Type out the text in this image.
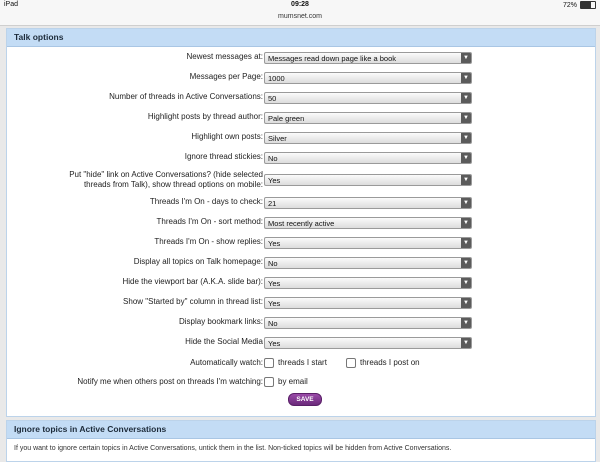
iPad	09:28	72%
mumsnet.com
Talk options
Newest messages at: Messages read down page like a book	▼
Messages per Page: 1000	▼
Number of threads in Active Conversations: 50	▼
Highlight posts by thread author: Pale green	▼
Highlight own posts: Silver	▼
Ignore thread stickies: No	▼
Put "hide" link on Active Conversations? (hide selected
threads from Talk), show thread options on mobile: Yes	▼
Threads I'm On - days to check: 21	▼
Threads I'm On - sort method: Most recently active	▼
Threads I'm On - show replies: Yes	▼
Display all topics on Talk homepage: No	▼
Hide the viewport bar (A.K.A. slide bar): Yes	▼
Show "Started by" column in thread list: Yes	▼
Display bookmark links: No	▼
Hide the Social Media Yes	▼
Automatically watch:	threads I start	threads I post on
Notify me when others post on threads I'm watching:	by email
SAVE
Ignore topics in Active Conversations
If you want to ignore certain topics in Active Conversations, untick them in the list. Non-ticked topics will be hidden from Active Conversations.
